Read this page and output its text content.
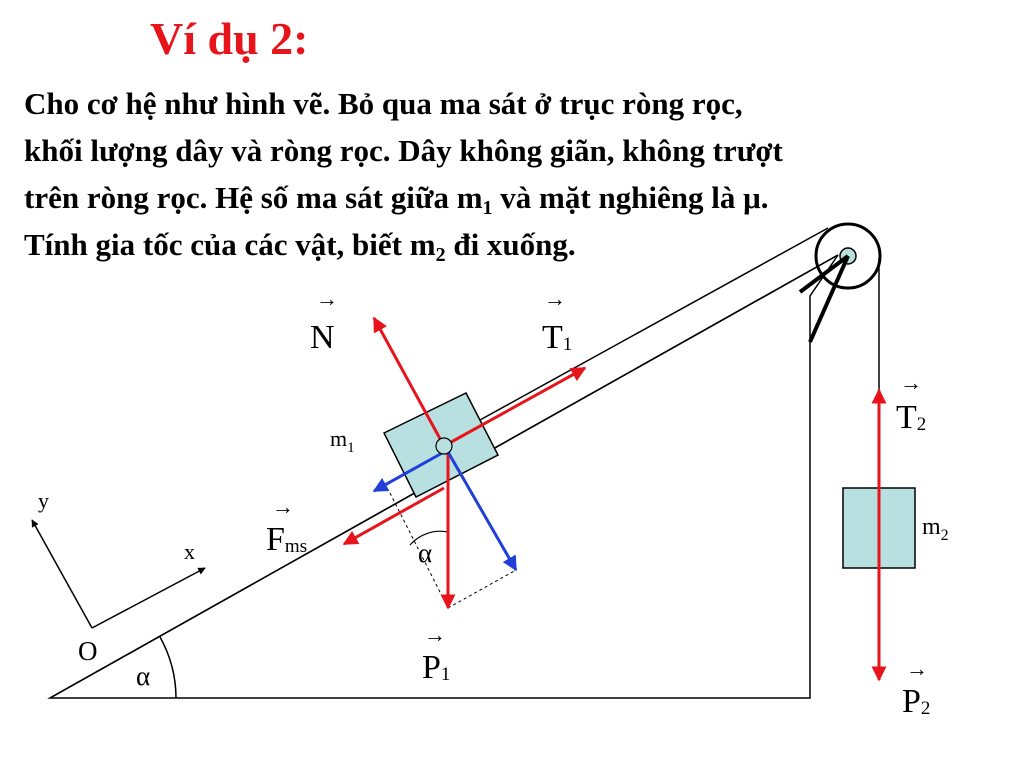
Ví dụ 2:
Cho cơ hệ như hình vẽ. Bỏ qua ma sát ở trục ròng rọc,
khối lượng dây và ròng rọc. Dây không giãn, không trượt
trên ròng rọc. Hệ số ma sát giữa $m_1$ và mặt nghiêng là μ.
Tính gia tốc của các vật, biết $m_2$ đi xuống.
x
y
O
α
α
→
N
→
T1
m1
→
Fms
→
P1
→
T2
m2
→
P2
